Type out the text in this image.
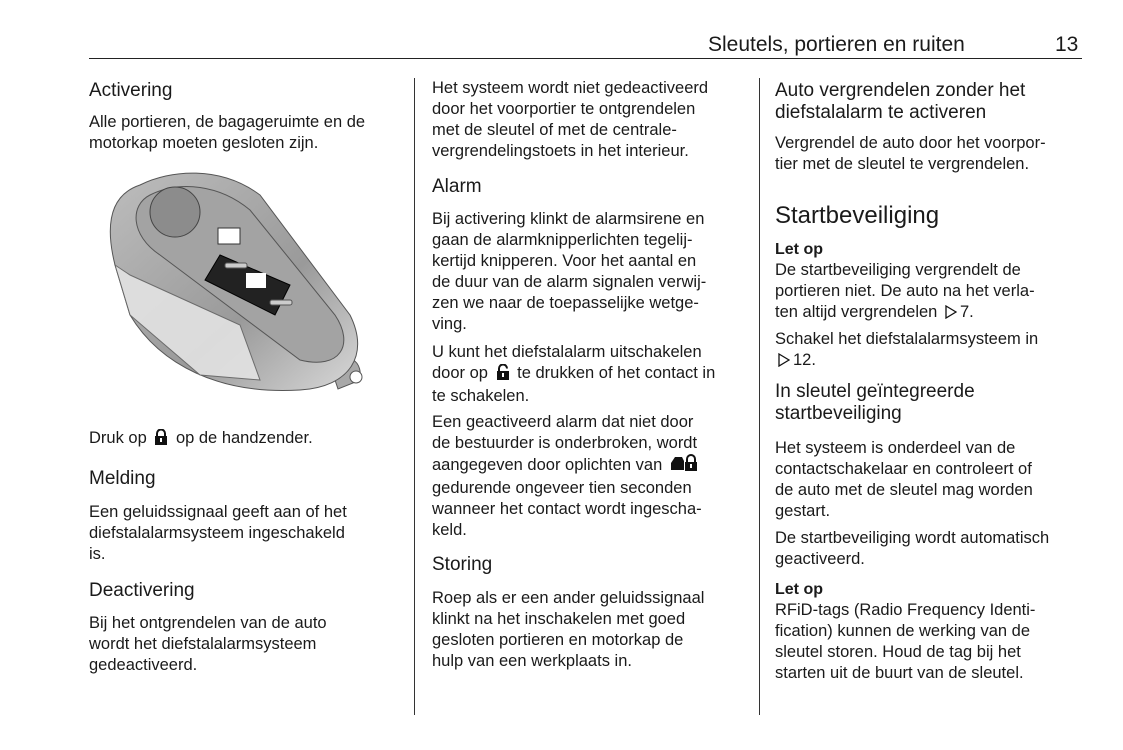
Sleutels, portieren en ruiten	13
Activering
Alle portieren, de bagageruimte en de
motorkap moeten gesloten zijn.
Druk op  op de handzender.
Melding
Een geluidssignaal geeft aan of het
diefstalalarmsysteem ingeschakeld
is.
Deactivering
Bij het ontgrendelen van de auto
wordt het diefstalalarmsysteem
gedeactiveerd.
Het systeem wordt niet gedeactiveerd
door het voorportier te ontgrendelen
met de sleutel of met de centrale-
vergrendelingstoets in het interieur.
Alarm
Bij activering klinkt de alarmsirene en
gaan de alarmknipperlichten tegelij-
kertijd knipperen. Voor het aantal en
de duur van de alarm signalen verwij-
zen we naar de toepasselijke wetge-
ving.
U kunt het diefstalalarm uitschakelen
door op  te drukken of het contact in
te schakelen.
Een geactiveerd alarm dat niet door
de bestuurder is onderbroken, wordt
aangegeven door oplichten van
gedurende ongeveer tien seconden
wanneer het contact wordt ingescha-
keld.
Storing
Roep als er een ander geluidssignaal
klinkt na het inschakelen met goed
gesloten portieren en motorkap de
hulp van een werkplaats in.
Auto vergrendelen zonder het
diefstalalarm te activeren
Vergrendel de auto door het voorpor-
tier met de sleutel te vergrendelen.
Startbeveiliging
Let op
De startbeveiliging vergrendelt de
portieren niet. De auto na het verla-
ten altijd vergrendelen 7.
Schakel het diefstalalarmsysteem in
12.
In sleutel geïntegreerde
startbeveiliging
Het systeem is onderdeel van de
contactschakelaar en controleert of
de auto met de sleutel mag worden
gestart.
De startbeveiliging wordt automatisch
geactiveerd.
Let op
RFiD-tags (Radio Frequency Identi-
fication) kunnen de werking van de
sleutel storen. Houd de tag bij het
starten uit de buurt van de sleutel.
